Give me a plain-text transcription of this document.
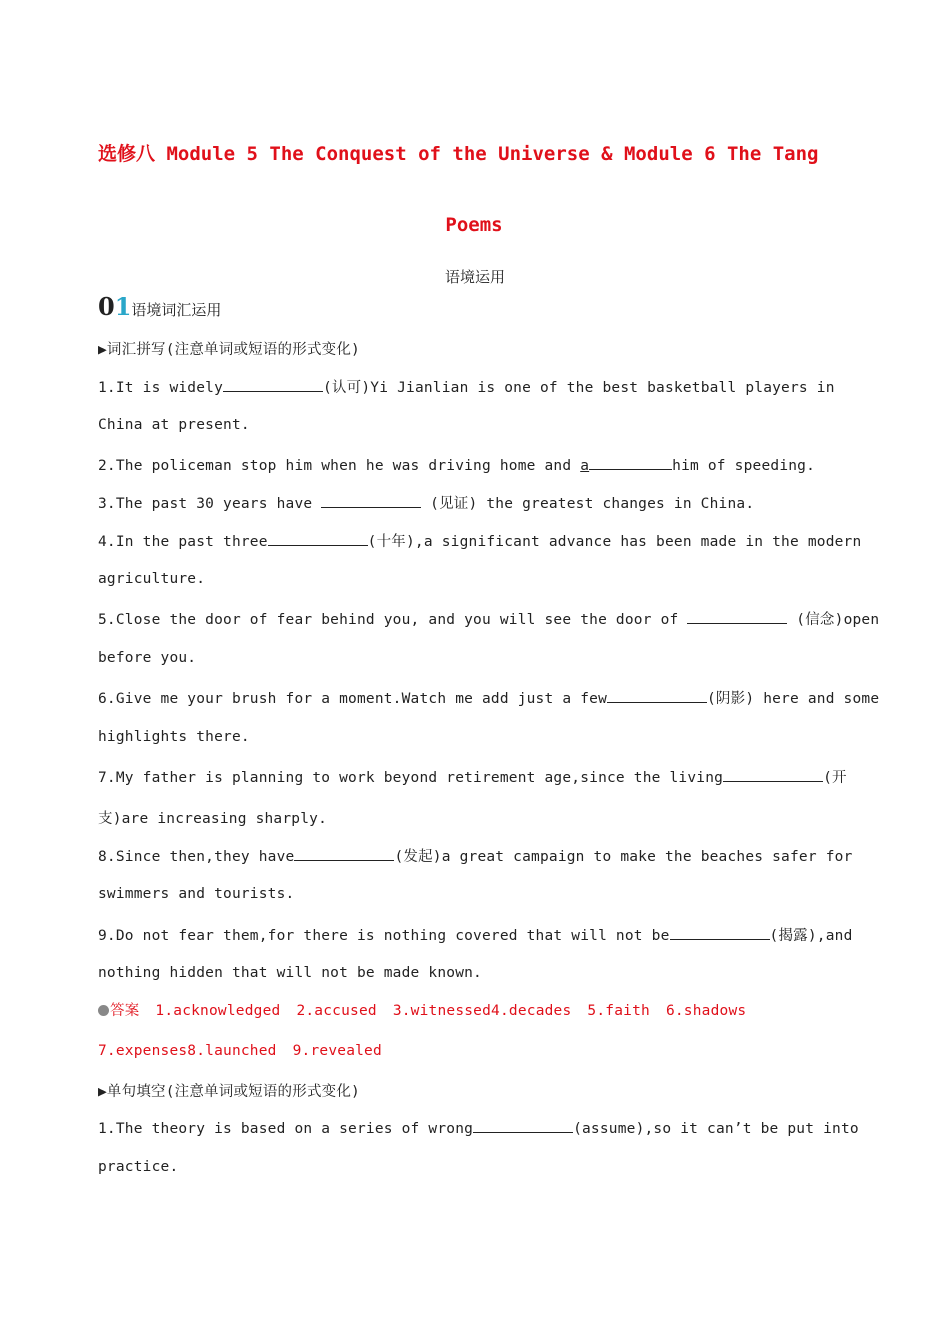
选修八 Module 5 The Conquest of the Universe & Module 6 The Tang
Poems
语境运用
01语境词汇运用
▶词汇拼写(注意单词或短语的形式变化)
1.It is widely	(认可)Yi Jianlian is one of the best basketball players in
China at present.
2.The policeman stop him when he was driving home and a	him of speeding.
3.The past 30 years have	(见证) the greatest changes in China.
4.In the past three	(十年),a significant advance has been made in the modern
agriculture.
5.Close the door of fear behind you, and you will see the door of	(信念)open
before you.
6.Give me your brush for a moment.Watch me add just a few	(阴影) here and some
highlights there.
7.My father is planning to work beyond retirement age,since the living	(开
支)are increasing sharply.
8.Since then,they have	(发起)a great campaign to make the beaches safer for
swimmers and tourists.
9.Do not fear them,for there is nothing covered that will not be	(揭露),and
nothing hidden that will not be made known.
答案 1.acknowledged 2.accused 3.witnessed4.decades 5.faith 6.shadows
7.expenses8.launched 9.revealed
▶单句填空(注意单词或短语的形式变化)
1.The theory is based on a series of wrong	(assume),so it can’t be put into
practice.
